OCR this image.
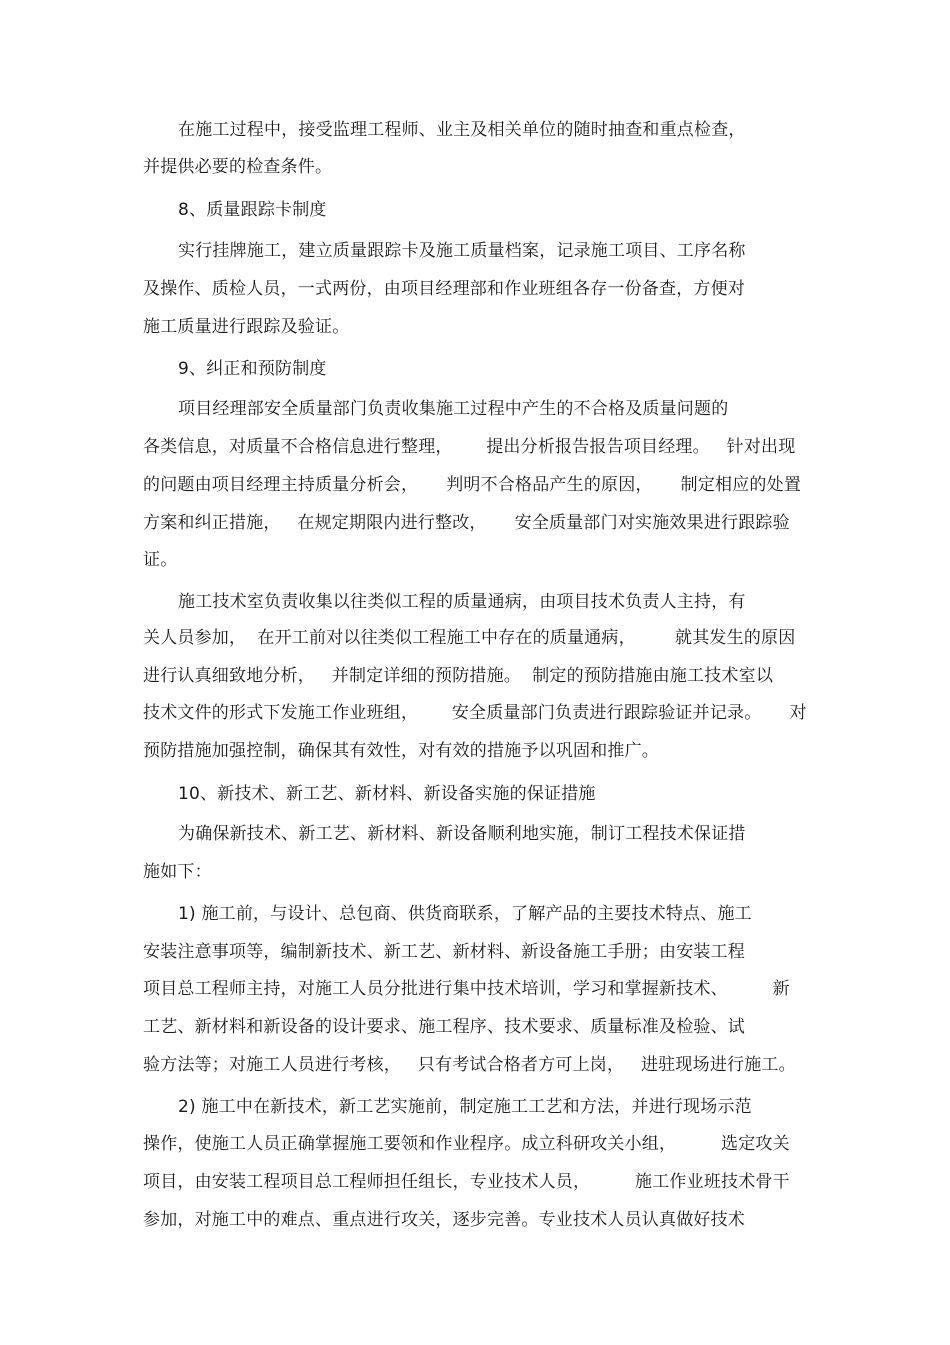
在施工过程中，接受监理工程师、业主及相关单位的随时抽查和重点检查，
并提供必要的检查条件。
8、质量跟踪卡制度
实行挂牌施工，建立质量跟踪卡及施工质量档案，记录施工项目、工序名称
及操作、质检人员，一式两份，由项目经理部和作业班组各存一份备查，方便对
施工质量进行跟踪及验证。
9、纠正和预防制度
项目经理部安全质量部门负责收集施工过程中产生的不合格及质量问题的
各类信息，对质量不合格信息进行整理，      提出分析报告报告项目经理。   针对出现
的问题由项目经理主持质量分析会，     判明不合格品产生的原因，     制定相应的处置
方案和纠正措施，   在规定期限内进行整改，     安全质量部门对实施效果进行跟踪验
证。
施工技术室负责收集以往类似工程的质量通病，由项目技术负责人主持，有
关人员参加，  在开工前对以往类似工程施工中存在的质量通病，       就其发生的原因
进行认真细致地分析，   并制定详细的预防措施。  制定的预防措施由施工技术室以
技术文件的形式下发施工作业班组，      安全质量部门负责进行跟踪验证并记录。     对
预防措施加强控制，确保其有效性，对有效的措施予以巩固和推广。
10、新技术、新工艺、新材料、新设备实施的保证措施
为确保新技术、新工艺、新材料、新设备顺利地实施，制订工程技术保证措
施如下：
1) 施工前，与设计、总包商、供货商联系，了解产品的主要技术特点、施工
安装注意事项等，编制新技术、新工艺、新材料、新设备施工手册；由安装工程
项目总工程师主持，对施工人员分批进行集中技术培训，学习和掌握新技术、        新
工艺、新材料和新设备的设计要求、施工程序、技术要求、质量标准及检验、试
验方法等；对施工人员进行考核，   只有考试合格者方可上岗，   进驻现场进行施工。
2) 施工中在新技术，新工艺实施前，制定施工工艺和方法，并进行现场示范
操作，使施工人员正确掌握施工要领和作业程序。成立科研攻关小组，        选定攻关
项目，由安装工程项目总工程师担任组长，专业技术人员，        施工作业班技术骨干
参加，对施工中的难点、重点进行攻关，逐步完善。专业技术人员认真做好技术
